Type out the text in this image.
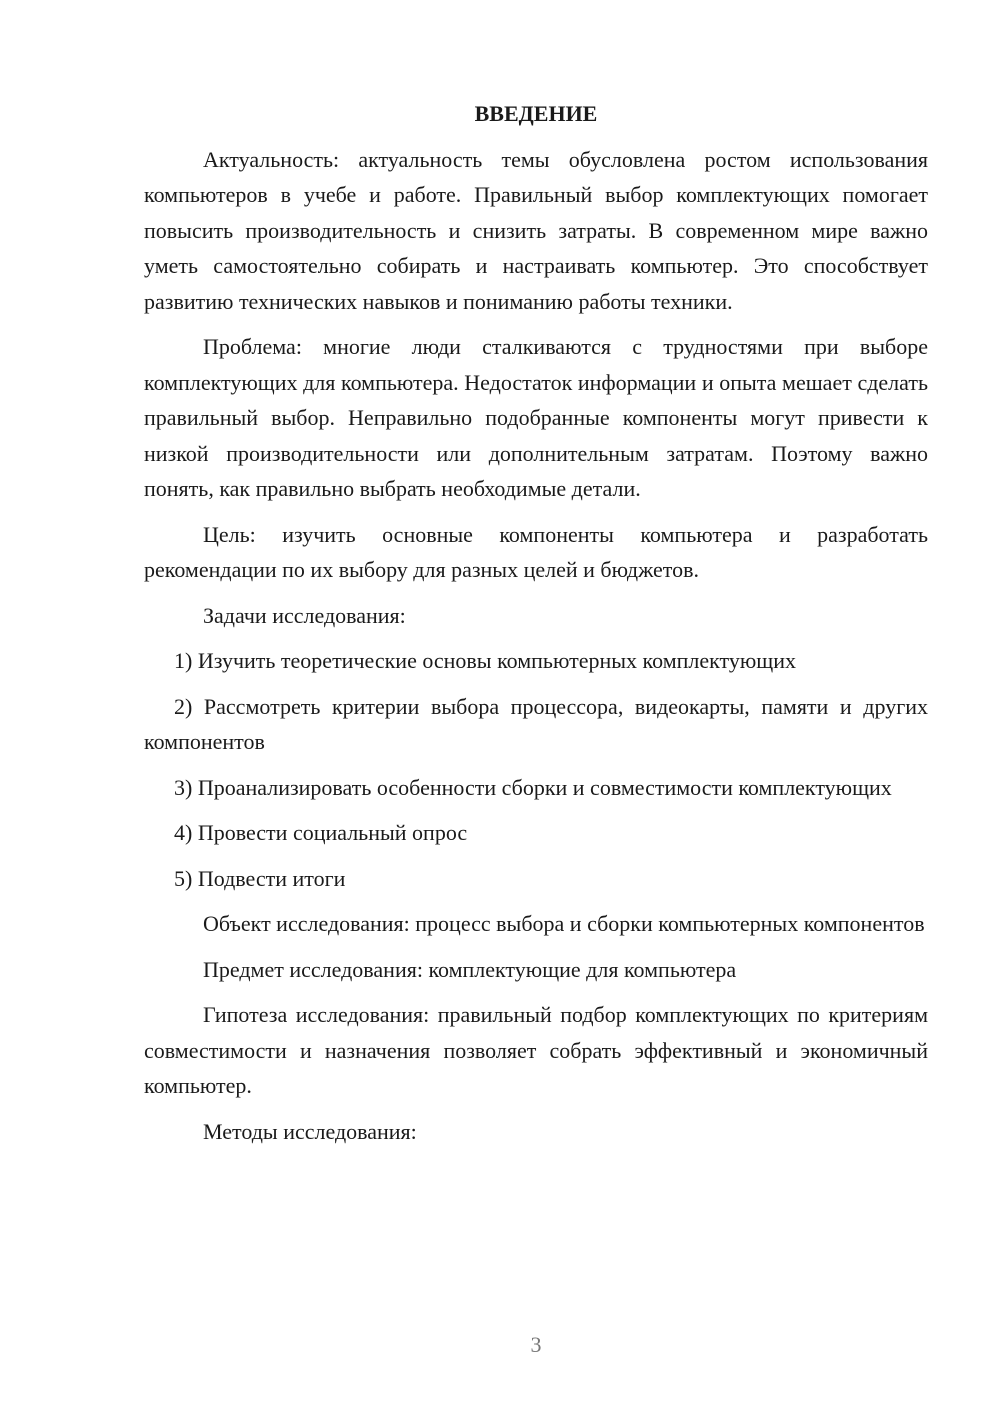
ВВЕДЕНИЕ

Актуальность: актуальность темы обусловлена ростом использования компьютеров в учебе и работе. Правильный выбор комплектующих помогает повысить производительность и снизить затраты. В современном мире важно уметь самостоятельно собирать и настраивать компьютер. Это способствует развитию технических навыков и пониманию работы техники.

Проблема: многие люди сталкиваются с трудностями при выборе комплектующих для компьютера. Недостаток информации и опыта мешает сделать правильный выбор. Неправильно подобранные компоненты могут привести к низкой производительности или дополнительным затратам. Поэтому важно понять, как правильно выбрать необходимые детали.

Цель: изучить основные компоненты компьютера и разработать рекомендации по их выбору для разных целей и бюджетов.

Задачи исследования:

1) Изучить теоретические основы компьютерных комплектующих

2) Рассмотреть критерии выбора процессора, видеокарты, памяти и других компонентов

3) Проанализировать особенности сборки и совместимости комплектующих

4) Провести социальный опрос

5) Подвести итоги

Объект исследования: процесс выбора и сборки компьютерных компонентов

Предмет исследования: комплектующие для компьютера

Гипотеза исследования: правильный подбор комплектующих по критериям совместимости и назначения позволяет собрать эффективный и экономичный компьютер.

Методы исследования:

3
